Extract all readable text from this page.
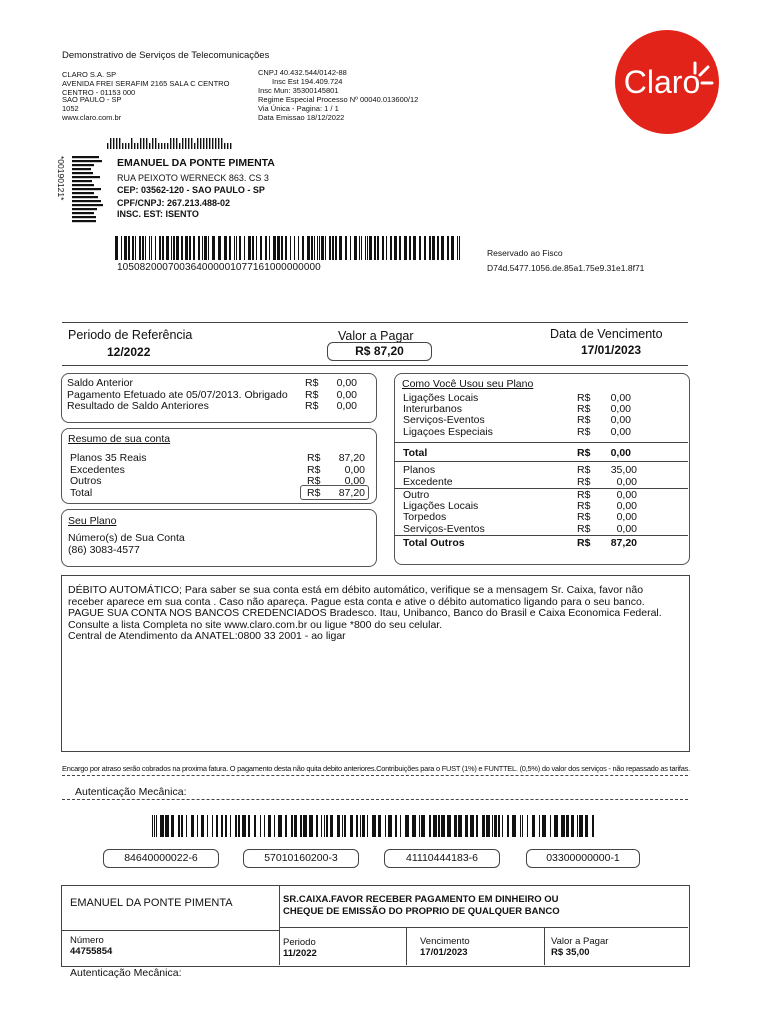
Demonstrativo de Serviços de Telecomunicações
CLARO S.A. SP
AVENIDA FREI SERAFIM 2165 SALA C CENTRO
CENTRO - 01153 000
SAO PAULO - SP
1052
www.claro.com.br
CNPJ 40.432.544/0142-88
Insc Est 194.409.724
Insc Mun: 35300145801
Regime Especial Processo Nº 00040.013600/12
Via Única - Pagina: 1 / 1
Data Emissao 18/12/2022
Claro
*00190121*	EMANUEL DA PONTE PIMENTA
RUA PEIXOTO WERNECK 863. CS 3
CEP: 03562-120 - SAO PAULO - SP
CPF/CNPJ: 267.213.488-02
INSC. EST: ISENTO
105082000700364000001077161000000000
Reservado ao Fisco
D74d.5477.1056.de.85a1.75e9.31e1.8f71
Periodo de Referência
12/2022
Valor a Pagar
R$ 87,20
Data de Vencimento
17/01/2023
Saldo Anterior	R$ 0,00
Pagamento Efetuado ate 05/07/2013. Obrigado R$ 0,00
Resultado de Saldo Anteriores	R$ 0,00
Resumo de sua conta
Planos 35 Reais	R$ 87,20
Excedentes	R$ 0,00
Outros	R$ 0,00
Total	R$ 87,20
Seu Plano
Número(s) de Sua Conta
(86) 3083-4577
Como Você Usou seu Plano
Ligações Locais	R$ 0,00
Interurbanos	R$ 0,00
Serviços-Eventos	R$ 0,00
Ligaçoes Especiais	R$ 0,00
Total	R$ 0,00
Planos	R$ 35,00
Excedente	R$ 0,00
Outro	R$ 0,00
Ligações Locais	R$ 0,00
Torpedos	R$ 0,00
Serviços-Eventos	R$ 0,00
Total Outros	R$ 87,20
DÉBITO AUTOMÁTICO; Para saber se sua conta está em débito automático, verifique se a mensagem Sr. Caixa, favor não
receber aparece em sua conta . Caso não apareça. Pague esta conta e ative o débito automatico ligando para o seu banco.
PAGUE SUA CONTA NOS BANCOS CREDENCIADOS Bradesco. Itau, Unibanco, Banco do Brasil e Caixa Economica Federal.
Consulte a lista Completa no site www.claro.com.br ou ligue *800 do seu celular.
Central de Atendimento da ANATEL:0800 33 2001 - ao ligar
Encargo por atraso serão cobrados na proxima fatura. O pagamento desta não quita debito anteriores.Contribuições para o FUST (1%) e FUNTTEL. (0,5%) do valor dos serviços - não repassado as tarifas.
Autenticação Mecânica:
84640000022-6	57010160200-3	41110444183-6	03300000000-1
EMANUEL DA PONTE PIMENTA	SR.CAIXA.FAVOR RECEBER PAGAMENTO EM DINHEIRO OU
CHEQUE DE EMISSÃO DO PROPRIO DE QUALQUER BANCO
Número
44755854
Periodo
11/2022
Vencimento
17/01/2023
Valor a Pagar
R$ 35,00
Autenticação Mecânica:
